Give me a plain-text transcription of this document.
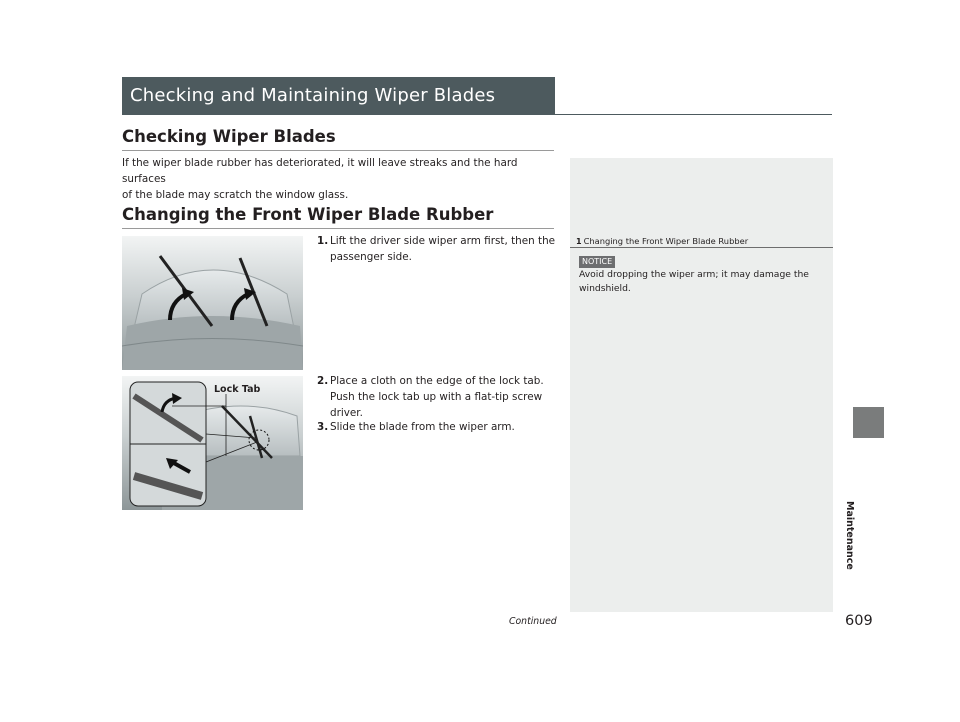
Checking and Maintaining Wiper Blades
Checking Wiper Blades
If the wiper blade rubber has deteriorated, it will leave streaks and the hard surfaces
of the blade may scratch the window glass.
Changing the Front Wiper Blade Rubber
Lock Tab
1. Lift the driver side wiper arm first, then the passenger side.
2. Place a cloth on the edge of the lock tab. Push the lock tab up with a flat-tip screw driver.
3. Slide the blade from the wiper arm.
1 Changing the Front Wiper Blade Rubber
NOTICE
Avoid dropping the wiper arm; it may damage the windshield.
Maintenance
Continued	609
